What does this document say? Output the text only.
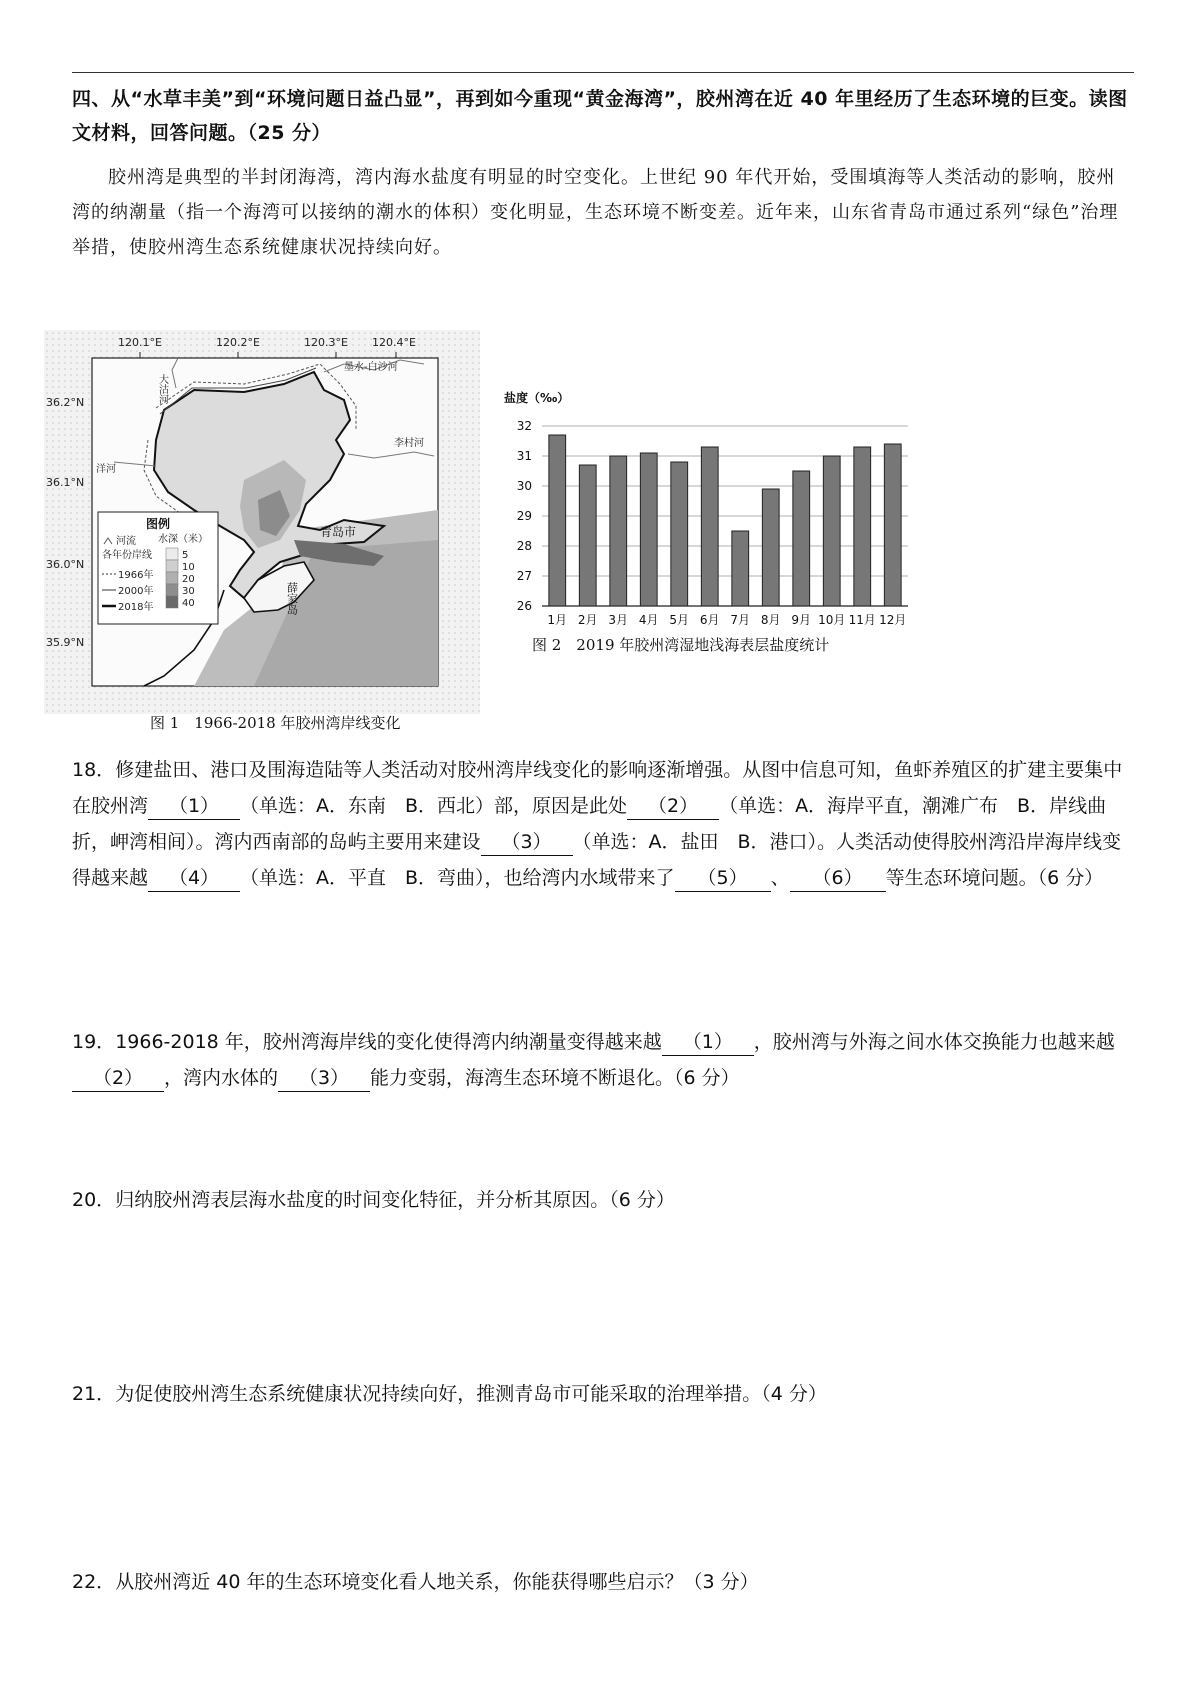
四、从“水草丰美”到“环境问题日益凸显”，再到如今重现“黄金海湾”，胶州湾在近 40 年里经历了生态环境的巨变。读图文材料，回答问题。（25 分）
胶州湾是典型的半封闭海湾，湾内海水盐度有明显的时空变化。上世纪 90 年代开始，受围填海等人类活动的影响，胶州湾的纳潮量（指一个海湾可以接纳的潮水的体积）变化明显，生态环境不断变差。近年来，山东省青岛市通过系列“绿色”治理举措，使胶州湾生态系统健康状况持续向好。
120.1°E	120.2°E	120.3°E 120.4°E
36.2°N
36.1°N
36.0°N
35.9°N
大沽河
墨水-白沙河
洋河
李村河
青岛市
薛家岛
图例
河流 水深（米）
各年份岸线
1966年
2000年
2018年
5
10
20
30
40
图 1　1966-2018 年胶州湾岸线变化
盐度（‰）
32
31
30
29
28
27
26
1月 2月 3月 4月 5月 6月 7月 8月 9月 10月 11月 12月
图 2　2019 年胶州湾湿地浅海表层盐度统计
18．修建盐田、港口及围海造陆等人类活动对胶州湾岸线变化的影响逐渐增强。从图中信息可知，鱼虾养殖区的扩建主要集中在胶州湾 （1） （单选：A．东南　B．西北）部，原因是此处 （2） （单选：A．海岸平直，潮滩广布　B．岸线曲折，岬湾相间）。湾内西南部的岛屿主要用来建设 （3） （单选：A．盐田　B．港口）。人类活动使得胶州湾沿岸海岸线变得越来越 （4） （单选：A．平直　B．弯曲），也给湾内水域带来了 （5） 、 （6） 等生态环境问题。（6 分）
19．1966-2018 年，胶州湾海岸线的变化使得湾内纳潮量变得越来越 （1） ，胶州湾与外海之间水体交换能力也越来越（2） ，湾内水体的 （3） 能力变弱，海湾生态环境不断退化。（6 分）
20．归纳胶州湾表层海水盐度的时间变化特征，并分析其原因。（6 分）
21．为促使胶州湾生态系统健康状况持续向好，推测青岛市可能采取的治理举措。（4 分）
22．从胶州湾近 40 年的生态环境变化看人地关系，你能获得哪些启示？（3 分）
